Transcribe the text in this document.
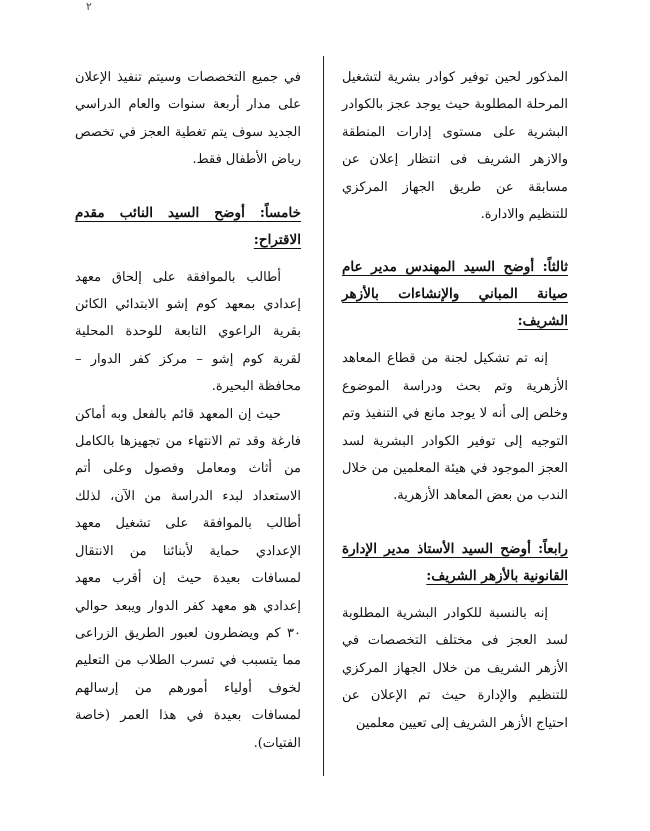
٢

المذكور لحين توفير كوادر بشرية لتشغيل المرحلة المطلوبة حيث يوجد عجز بالكوادر البشرية على مستوى إدارات المنطقة والازهر الشريف فى انتظار إعلان عن مسابقة عن طريق الجهاز المركزي للتنظيم والادارة.

ثالثاً: أوضح السيد المهندس مدير عام صيانة المباني والإنشاءات بالأزهر الشريف:

إنه تم تشكيل لجنة من قطاع المعاهد الأزهرية وتم بحث ودراسة الموضوع وخلص إلى أنه لا يوجد مانع في التنفيذ وتم التوجيه إلى توفير الكوادر البشرية لسد العجز الموجود في هيئة المعلمين من خلال الندب من بعض المعاهد الأزهرية.

رابعاً: أوضح السيد الأستاذ مدير الإدارة القانونية بالأزهر الشريف:

إنه بالنسبة للكوادر البشرية المطلوبة لسد العجز فى مختلف التخصصات في الأزهر الشريف من خلال الجهاز المركزي للتنظيم والإدارة حيث تم الإعلان عن احتياج الأزهر الشريف إلى تعيين معلمين

في جميع التخصصات وسيتم تنفيذ الإعلان على مدار أربعة سنوات والعام الدراسي الجديد سوف يتم تغطية العجز في تخصص رياض الأطفال فقط.

خامساً: أوضح السيد النائب مقدم الاقتراح:

أطالب بالموافقة على إلحاق معهد إعدادي بمعهد كوم إشو الابتدائي الكائن بقرية الراعوي التابعة للوحدة المحلية لقرية كوم إشو – مركز كفر الدوار – محافظة البحيرة.

حيث إن المعهد قائم بالفعل وبه أماكن فارغة وقد تم الانتهاء من تجهيزها بالكامل من أثاث ومعامل وفصول وعلى أتم الاستعداد لبدء الدراسة من الآن، لذلك أطالب بالموافقة على تشغيل معهد الإعدادي حماية لأبنائنا من الانتقال لمسافات بعيدة حيث إن أقرب معهد إعدادي هو معهد كفر الدوار ويبعد حوالي ٣٠ كم ويضطرون لعبور الطريق الزراعى مما يتسبب في تسرب الطلاب من التعليم لخوف أولياء أمورهم من إرسالهم لمسافات بعيدة في هذا العمر (خاصة الفتيات).
